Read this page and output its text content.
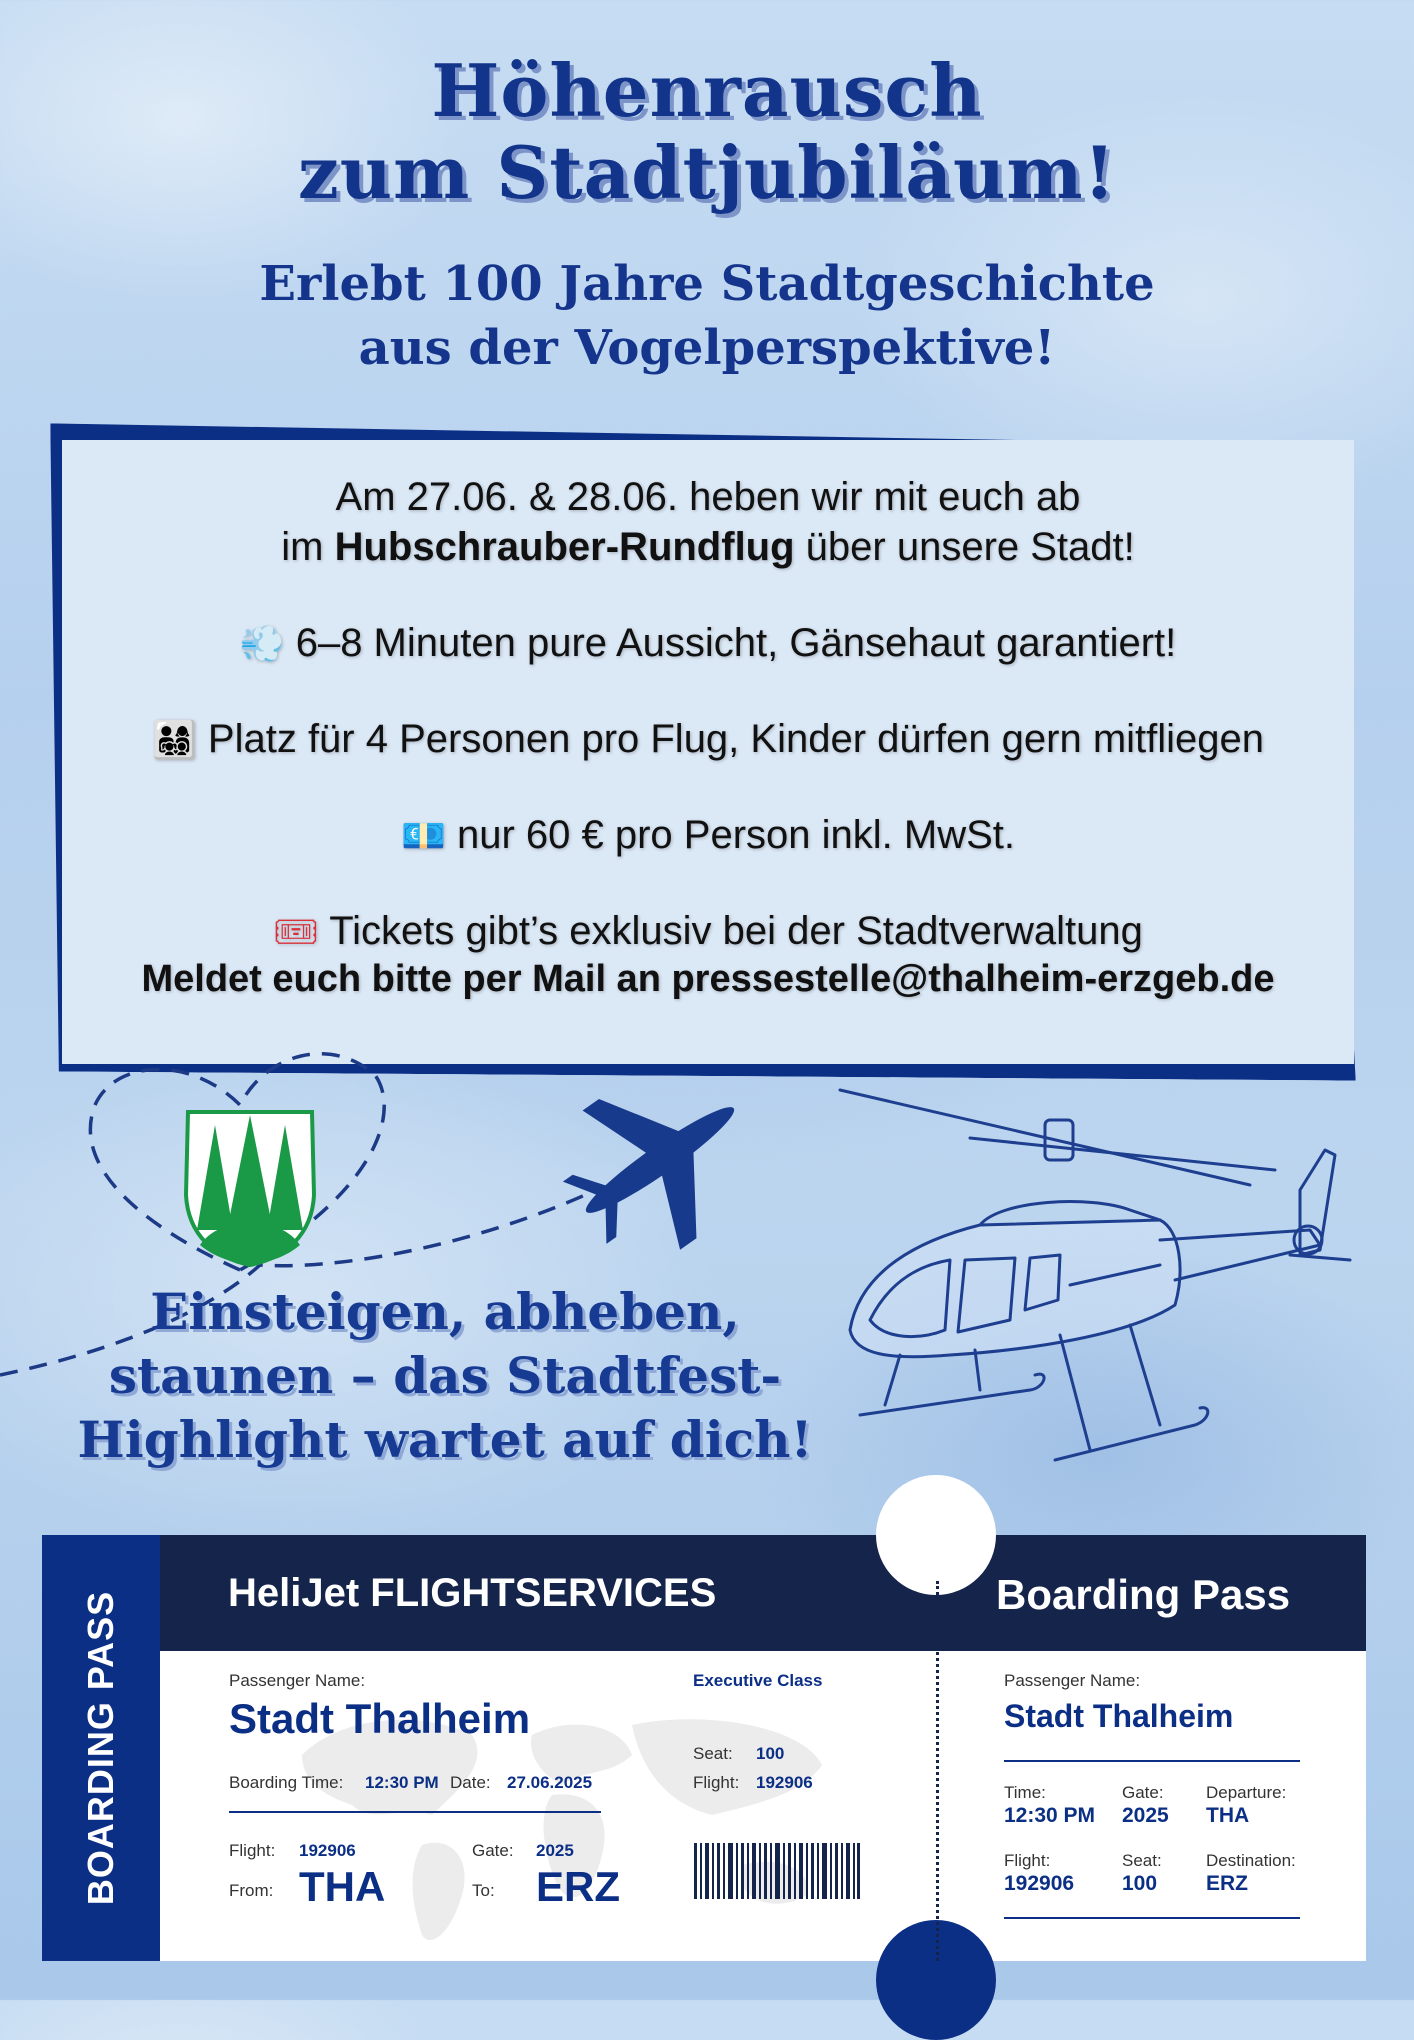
Höhenrausch
zum Stadtjubiläum!
Erlebt 100 Jahre Stadtgeschichte
aus der Vogelperspektive!

Am 27.06. & 28.06. heben wir mit euch ab

im Hubschrauber-Rundflug über unsere Stadt!

💨 6–8 Minuten pure Aussicht, Gänsehaut garantiert!

👨‍👩‍👧‍👦 Platz für 4 Personen pro Flug, Kinder dürfen gern mitfliegen

💶 nur 60 € pro Person inkl. MwSt.

🎟 Tickets gibt’s exklusiv bei der Stadtverwaltung

Meldet euch bitte per Mail an pressestelle@thalheim-erzgeb.de

Einsteigen, abheben,
staunen – das Stadtfest-
Highlight wartet auf dich!
BOARDING PASS	HeliJet FLIGHTSERVICES	Boarding Pass
Passenger Name:
Stadt Thalheim
Executive Class
Seat: 100
Flight: 192906
Boarding Time: 12:30 PM Date: 27.06.2025
Flight: 192906	Gate: 2025
From: THA	To: ERZ
Passenger Name:
Stadt Thalheim
Time:
12:30 PM
Gate:
2025
Departure:
THA
Flight:
192906
Seat:
100
Destination:
ERZ
